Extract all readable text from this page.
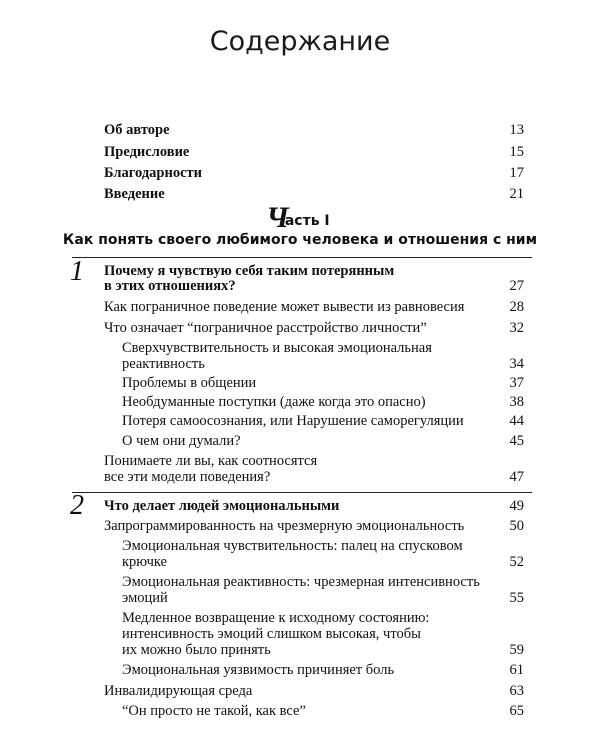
Содержание
Об авторе	13
Предисловие	15
Благодарности	17
Введение	21
Часть I
Как понять своего любимого человека и отношения с ним
1 Почему я чувствую себя таким потерянным
в этих отношениях?	27
Как пограничное поведение может вывести из равновесия	28
Что означает “пограничное расстройство личности”	32
Сверхчувствительность и высокая эмоциональная
реактивность	34
Проблемы в общении	37
Необдуманные поступки (даже когда это опасно)	38
Потеря самоосознания, или Нарушение саморегуляции	44
О чем они думали?	45
Понимаете ли вы, как соотносятся
все эти модели поведения?	47
2 Что делает людей эмоциональными	49
Запрограммированность на чрезмерную эмоциональность	50
Эмоциональная чувствительность: палец на спусковом
крючке	52
Эмоциональная реактивность: чрезмерная интенсивность
эмоций	55
Медленное возвращение к исходному состоянию:
интенсивность эмоций слишком высокая, чтобы
их можно было принять	59
Эмоциональная уязвимость причиняет боль	61
Инвалидирующая среда	63
“Он просто не такой, как все”	65
